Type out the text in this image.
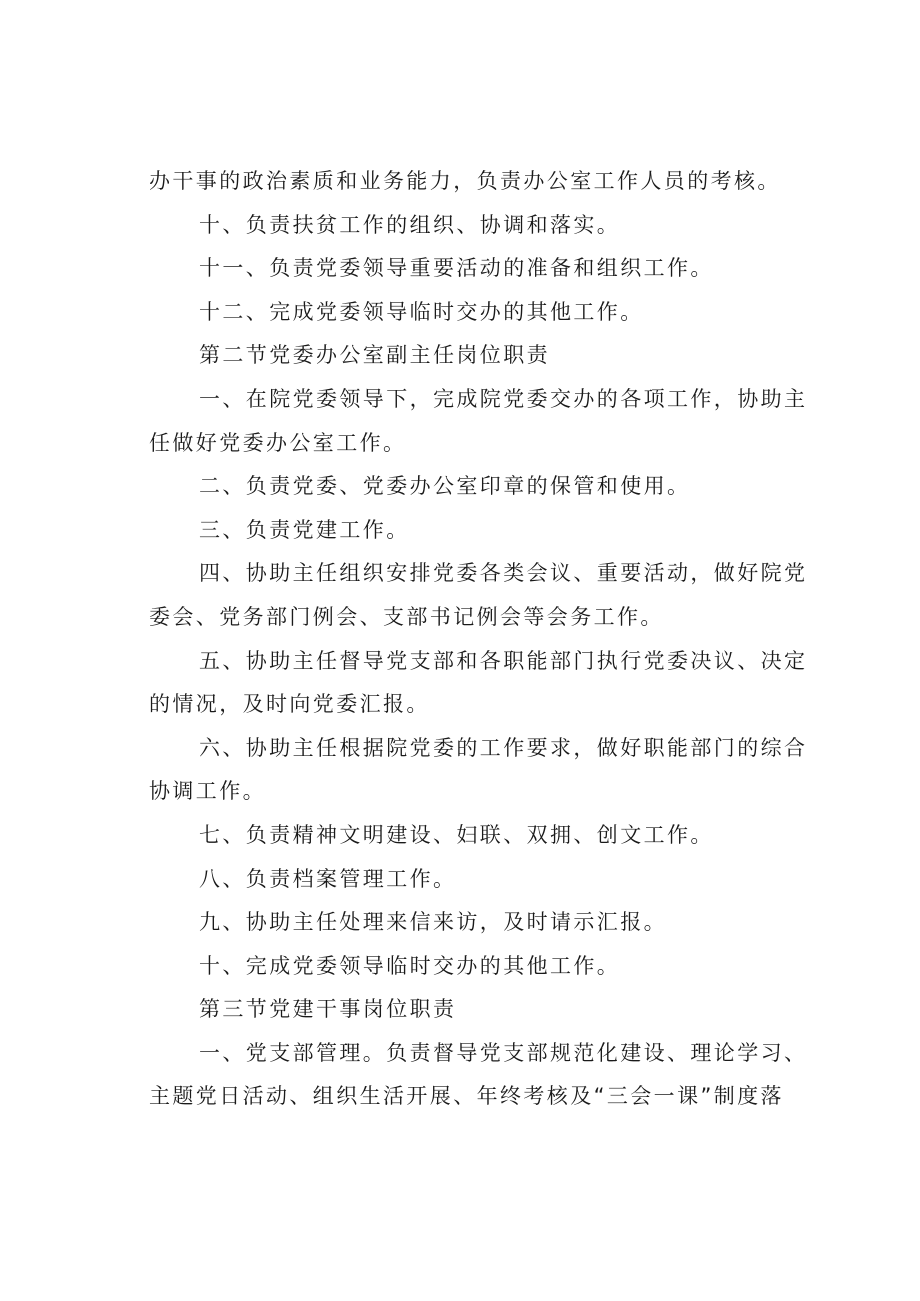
办干事的政治素质和业务能力，负责办公室工作人员的考核。
十、负责扶贫工作的组织、协调和落实。
十一、负责党委领导重要活动的准备和组织工作。
十二、完成党委领导临时交办的其他工作。
第二节党委办公室副主任岗位职责
一、在院党委领导下，完成院党委交办的各项工作，协助主
任做好党委办公室工作。
二、负责党委、党委办公室印章的保管和使用。
三、负责党建工作。
四、协助主任组织安排党委各类会议、重要活动，做好院党
委会、党务部门例会、支部书记例会等会务工作。
五、协助主任督导党支部和各职能部门执行党委决议、决定
的情况，及时向党委汇报。
六、协助主任根据院党委的工作要求，做好职能部门的综合
协调工作。
七、负责精神文明建设、妇联、双拥、创文工作。
八、负责档案管理工作。
九、协助主任处理来信来访，及时请示汇报。
十、完成党委领导临时交办的其他工作。
第三节党建干事岗位职责
一、党支部管理。负责督导党支部规范化建设、理论学习、
主题党日活动、组织生活开展、年终考核及“三会一课”制度落
